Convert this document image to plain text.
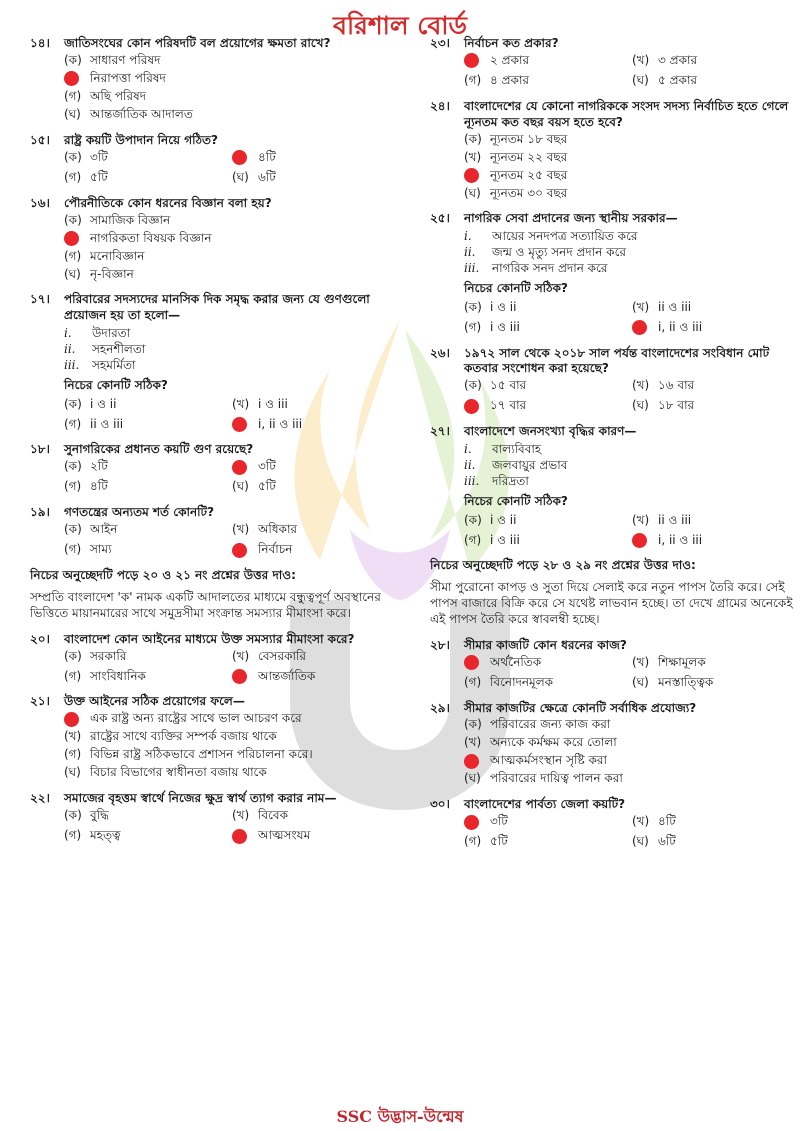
বরিশাল বোর্ড
১৪।	জাতিসংঘের কোন পরিষদটি বল প্রয়োগের ক্ষমতা রাখে?
(ক) সাধারণ পরিষদ
নিরাপত্তা পরিষদ
(গ) অছি পরিষদ
(ঘ) আন্তর্জাতিক আদালত
১৫।	রাষ্ট্র কয়টি উপাদান নিয়ে গঠিত?
(ক) ৩টি	৪টি
(গ) ৫টি	(ঘ) ৬টি
১৬।	পৌরনীতিকে কোন ধরনের বিজ্ঞান বলা হয়?
(ক) সামাজিক বিজ্ঞান
নাগরিকতা বিষয়ক বিজ্ঞান
(গ) মনোবিজ্ঞান
(ঘ) নৃ-বিজ্ঞান
১৭।	পরিবারের সদস্যদের মানসিক দিক সমৃদ্ধ করার জন্য যে গুণগুলো প্রয়োজন হয় তা হলো—
i.	উদারতা
ii.	সহনশীলতা
iii.	সহমর্মিতা
নিচের কোনটি সঠিক?
(ক) i ও ii	(খ) i ও iii
(গ) ii ও iii	i, ii ও iii
১৮।	সুনাগরিকের প্রধানত কয়টি গুণ রয়েছে?
(ক) ২টি	৩টি
(গ) ৪টি	(ঘ) ৫টি
১৯।	গণতন্ত্রের অন্যতম শর্ত কোনটি?
(ক) আইন	(খ) অধিকার
(গ) সাম্য	নির্বাচন
নিচের অনুচ্ছেদটি পড়ে ২০ ও ২১ নং প্রশ্নের উত্তর দাও:
সম্প্রতি বাংলাদেশ 'ক' নামক একটি আদালতের মাধ্যমে বন্ধুত্বপূর্ণ অবস্থানের ভিত্তিতে মায়ানমারের সাথে সমুদ্রসীমা সংক্রান্ত সমস্যার মীমাংসা করে।
২০।	বাংলাদেশ কোন আইনের মাধ্যমে উক্ত সমস্যার মীমাংসা করে?
(ক) সরকারি	(খ) বেসরকারি
(গ) সাংবিধানিক	আন্তর্জাতিক
২১।	উক্ত আইনের সঠিক প্রয়োগের ফলে—
এক রাষ্ট্র অন্য রাষ্ট্রের সাথে ভাল আচরণ করে
(খ) রাষ্ট্রের সাথে ব্যক্তির সম্পর্ক বজায় থাকে
(গ) বিভিন্ন রাষ্ট্র সঠিকভাবে প্রশাসন পরিচালনা করে।
(ঘ) বিচার বিভাগের স্বাধীনতা বজায় থাকে
২২।	সমাজের বৃহত্তম স্বার্থে নিজের ক্ষুদ্র স্বার্থ ত্যাগ করার নাম—
(ক) বুদ্ধি	(খ) বিবেক
(গ) মহত্ত্ব	আত্মসংযম
২৩।	নির্বাচন কত প্রকার?
২ প্রকার	(খ) ৩ প্রকার
(গ) ৪ প্রকার	(ঘ) ৫ প্রকার
২৪।	বাংলাদেশের যে কোনো নাগরিককে সংসদ সদস্য নির্বাচিত হতে গেলে ন্যূনতম কত বছর বয়স হতে হবে?
(ক) ন্যূনতম ১৮ বছর
(খ) ন্যূনতম ২২ বছর
ন্যূনতম ২৫ বছর
(ঘ) ন্যূনতম ৩০ বছর
২৫।	নাগরিক সেবা প্রদানের জন্য স্থানীয় সরকার—
i.	আয়ের সনদপত্র সত্যায়িত করে
ii.	জন্ম ও মৃত্যু সনদ প্রদান করে
iii.	নাগরিক সনদ প্রদান করে
নিচের কোনটি সঠিক?
(ক) i ও ii	(খ) ii ও iii
(গ) i ও iii	i, ii ও iii
২৬।	১৯৭২ সাল থেকে ২০১৮ সাল পর্যন্ত বাংলাদেশের সংবিধান মোট কতবার সংশোধন করা হয়েছে?
(ক) ১৫ বার	(খ) ১৬ বার
১৭ বার	(ঘ) ১৮ বার
২৭।	বাংলাদেশে জনসংখ্যা বৃদ্ধির কারণ—
i.	বাল্যবিবাহ
ii.	জলবায়ুর প্রভাব
iii.	দরিদ্রতা
নিচের কোনটি সঠিক?
(ক) i ও ii	(খ) ii ও iii
(গ) i ও iii	i, ii ও iii
নিচের অনুচ্ছেদটি পড়ে ২৮ ও ২৯ নং প্রশ্নের উত্তর দাও:
সীমা পুরোনো কাপড় ও সুতা দিয়ে সেলাই করে নতুন পাপস তৈরি করে। সেই পাপস বাজারে বিক্রি করে সে যথেষ্ট লাভবান হচ্ছে। তা দেখে গ্রামের অনেকেই এই পাপস তৈরি করে স্বাবলম্বী হচ্ছে।
২৮।	সীমার কাজটি কোন ধরনের কাজ?
অর্থনৈতিক	(খ) শিক্ষামূলক
(গ) বিনোদনমূলক	(ঘ) মনস্তাত্ত্বিক
২৯।	সীমার কাজটির ক্ষেত্রে কোনটি সর্বাধিক প্রযোজ্য?
(ক) পরিবারের জন্য কাজ করা
(খ) অন্যকে কর্মক্ষম করে তোলা
আত্মকর্মসংস্থান সৃষ্টি করা
(ঘ) পরিবারের দায়িত্ব পালন করা
৩০।	বাংলাদেশের পার্বত্য জেলা কয়টি?
৩টি	(খ) ৪টি
(গ) ৫টি	(ঘ) ৬টি
SSC উদ্ভাস-উন্মেষ
